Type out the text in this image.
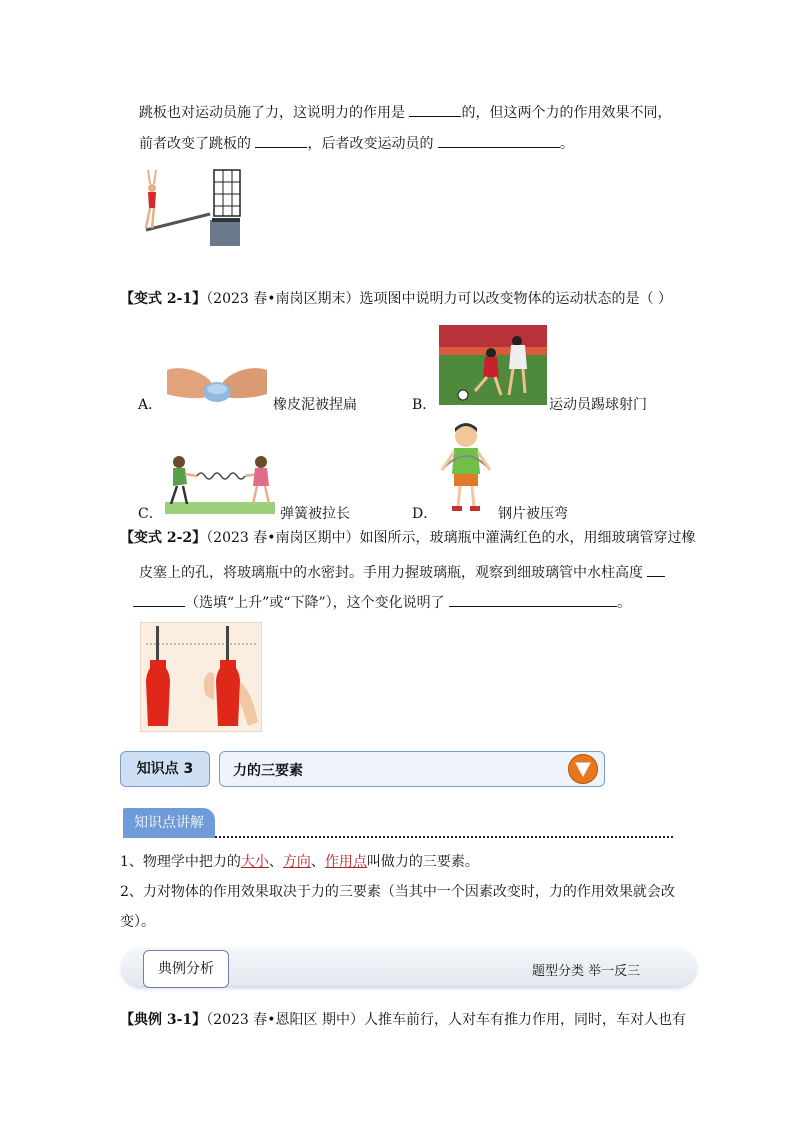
跳板也对运动员施了力，这说明力的作用是	的，但这两个力的作用效果不同，
前者改变了跳板的	，后者改变运动员的	。
【变式 2-1】（2023 春•南岗区期末）选项图中说明力可以改变物体的运动状态的是（ ）
A．	橡皮泥被捏扁	B．	运动员踢球射门
C．	弹簧被拉长	D．	钢片被压弯
【变式 2-2】（2023 春•南岗区期中）如图所示，玻璃瓶中灌满红色的水，用细玻璃管穿过橡
皮塞上的孔，将玻璃瓶中的水密封。手用力握玻璃瓶，观察到细玻璃管中水柱高度
（选填“上升”或“下降”），这个变化说明了	。
知识点 3	力的三要素
知识点讲解
1、物理学中把力的大小、方向、作用点叫做力的三要素。
2、力对物体的作用效果取决于力的三要素（当其中一个因素改变时，力的作用效果就会改
变）。
典例分析	题型分类 举一反三
【典例 3-1】（2023 春•恩阳区 期中）人推车前行，人对车有推力作用，同时，车对人也有
